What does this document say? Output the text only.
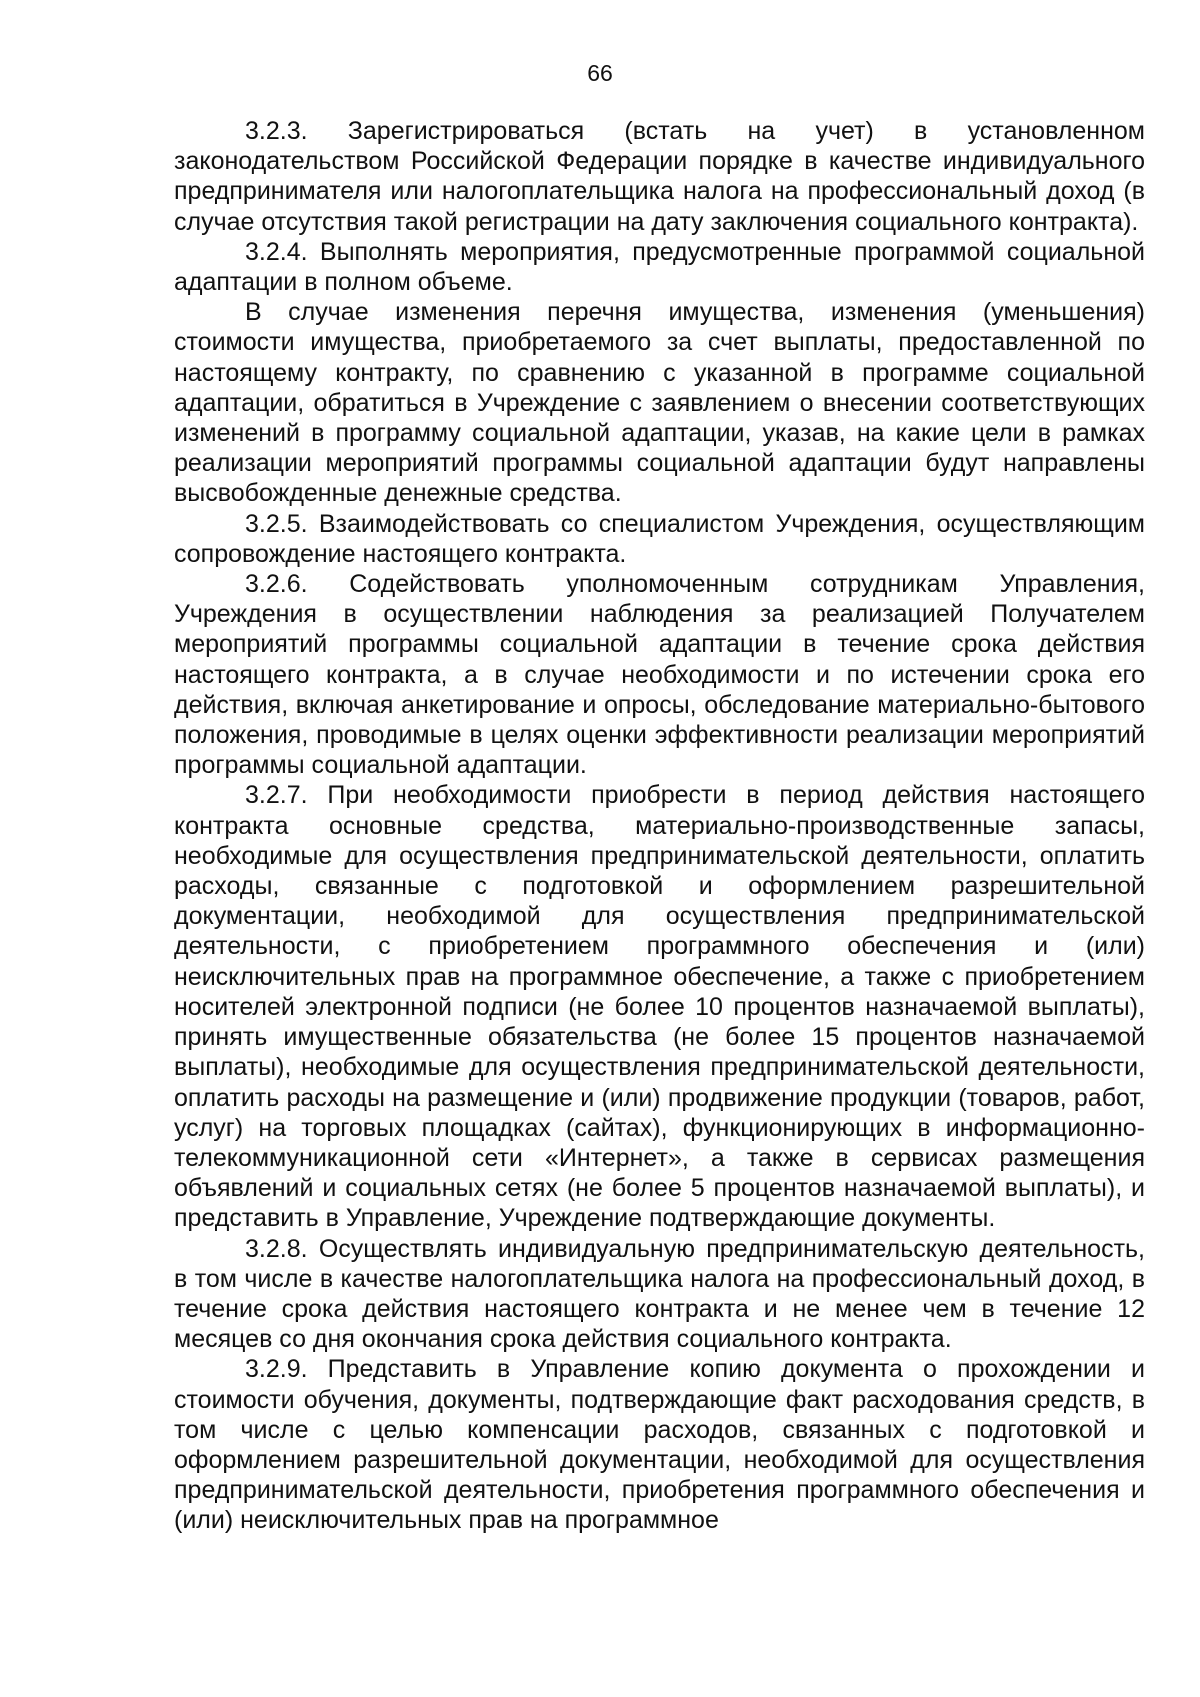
66

3.2.3. Зарегистрироваться (встать на учет) в установленном законодательством Российской Федерации порядке в качестве индивидуального предпринимателя или налогоплательщика налога на профессиональный доход (в случае отсутствия такой регистрации на дату заключения социального контракта).

3.2.4. Выполнять мероприятия, предусмотренные программой социальной адаптации в полном объеме.

В случае изменения перечня имущества, изменения (уменьшения) стоимости имущества, приобретаемого за счет выплаты, предоставленной по настоящему контракту, по сравнению с указанной в программе социальной адаптации, обратиться в Учреждение с заявлением о внесении соответствующих изменений в программу социальной адаптации, указав, на какие цели в рамках реализации мероприятий программы социальной адаптации будут направлены высвобожденные денежные средства.

3.2.5. Взаимодействовать со специалистом Учреждения, осуществляющим сопровождение настоящего контракта.

3.2.6. Содействовать уполномоченным сотрудникам Управления, Учреждения в осуществлении наблюдения за реализацией Получателем мероприятий программы социальной адаптации в течение срока действия настоящего контракта, а в случае необходимости и по истечении срока его действия, включая анкетирование и опросы, обследование материально-бытового положения, проводимые в целях оценки эффективности реализации мероприятий программы социальной адаптации.

3.2.7. При необходимости приобрести в период действия настоящего контракта основные средства, материально-производственные запасы, необходимые для осуществления предпринимательской деятельности, оплатить расходы, связанные с подготовкой и оформлением разрешительной документации, необходимой для осуществления предпринимательской деятельности, с приобретением программного обеспечения и (или) неисключительных прав на программное обеспечение, а также с приобретением носителей электронной подписи (не более 10 процентов назначаемой выплаты), принять имущественные обязательства (не более 15 процентов назначаемой выплаты), необходимые для осуществления предпринимательской деятельности, оплатить расходы на размещение и (или) продвижение продукции (товаров, работ, услуг) на торговых площадках (сайтах), функционирующих в информационно-телекоммуникационной сети «Интернет», а также в сервисах размещения объявлений и социальных сетях (не более 5 процентов назначаемой выплаты), и представить в Управление, Учреждение подтверждающие документы.

3.2.8. Осуществлять индивидуальную предпринимательскую деятельность, в том числе в качестве налогоплательщика налога на профессиональный доход, в течение срока действия настоящего контракта и не менее чем в течение 12 месяцев со дня окончания срока действия социального контракта.

3.2.9. Представить в Управление копию документа о прохождении и стоимости обучения, документы, подтверждающие факт расходования средств, в том числе с целью компенсации расходов, связанных с подготовкой и оформлением разрешительной документации, необходимой для осуществления предпринимательской деятельности, приобретения программного обеспечения и (или) неисключительных прав на программное
